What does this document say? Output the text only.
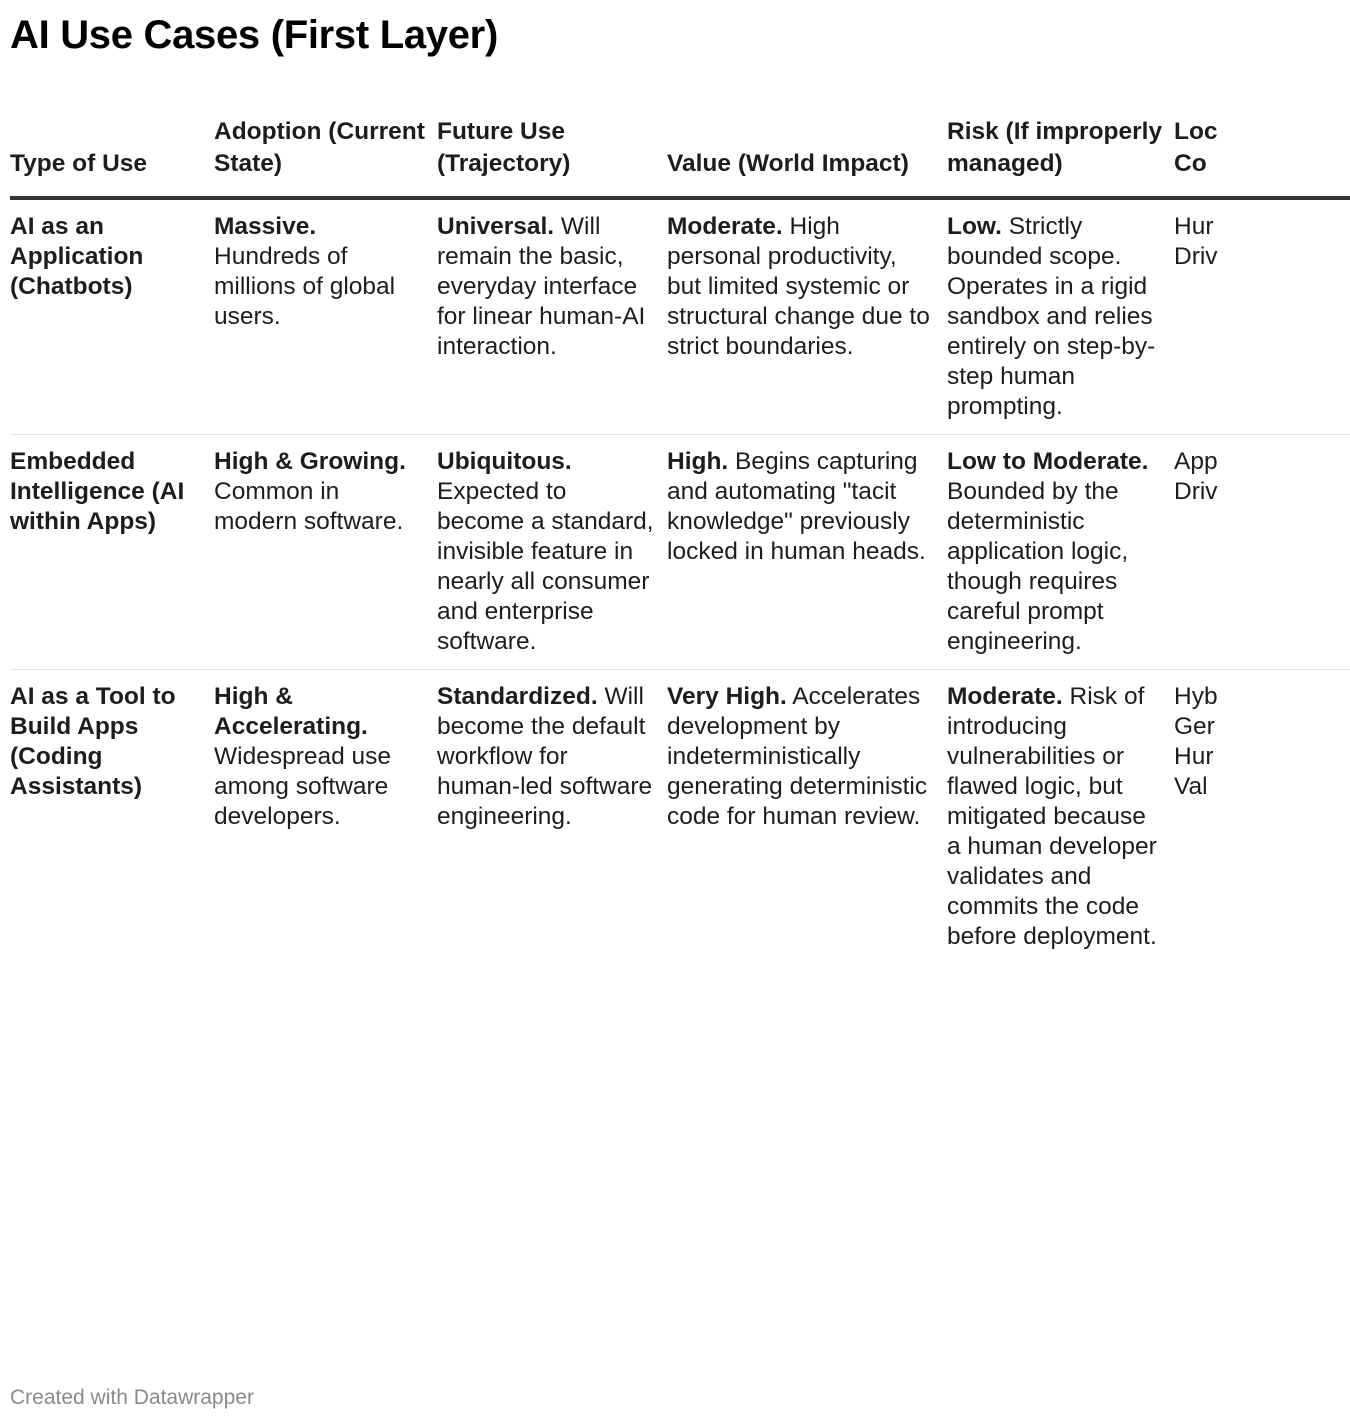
AI Use Cases (First Layer)
Type of Use	Adoption (Current State)	Future Use (Trajectory)	Value (World Impact)	Risk (If improperly managed)	Loc
Co

AI as an Application (Chatbots)	Massive. Hundreds of millions of global users.	Universal. Will remain the basic, everyday interface for linear human-AI interaction.	Moderate. High personal productivity, but limited systemic or structural change due to strict boundaries.	Low. Strictly bounded scope. Operates in a rigid sandbox and relies entirely on step-by-step human prompting.	Hur
Driv

Embedded Intelligence (AI within Apps)	High & Growing. Common in modern software.	Ubiquitous. Expected to become a standard, invisible feature in nearly all consumer and enterprise software.	High. Begins capturing and automating "tacit knowledge" previously locked in human heads.	Low to Moderate. Bounded by the deterministic application logic, though requires careful prompt engineering.	App
Driv

AI as a Tool to Build Apps (Coding Assistants)	High & Accelerating. Widespread use among software developers.	Standardized. Will become the default workflow for human-led software engineering.	Very High. Accelerates development by indeterministically generating deterministic code for human review.	Moderate. Risk of introducing vulnerabilities or flawed logic, but mitigated because a human developer validates and commits the code before deployment.	Hyb
Ger
Hur
Val
Created with Datawrapper
